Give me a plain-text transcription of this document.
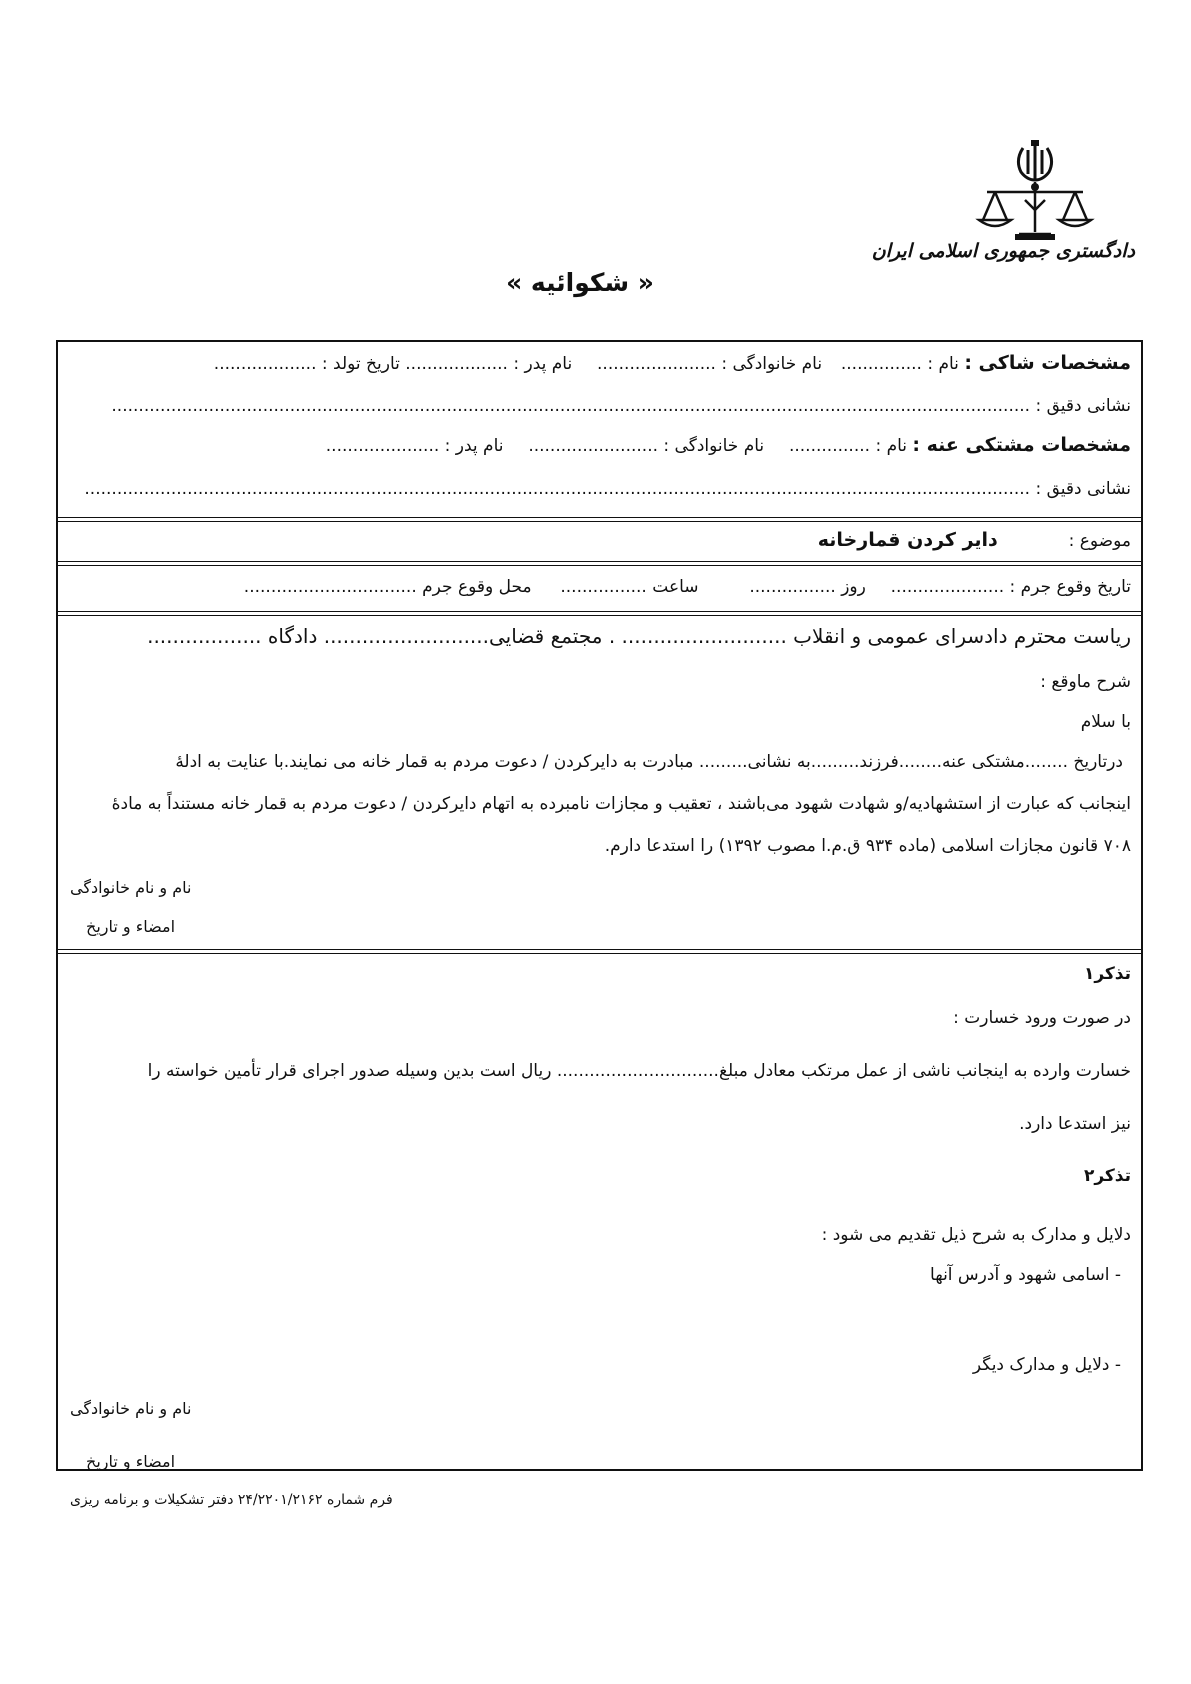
دادگستری جمهوری اسلامی ایران
« شکوائیه »
مشخصات شاکی : نام : ...............  نام خانوادگی : ......................  نام پدر : ................... تاریخ تولد : ...................
نشانی دقیق : ..........................................................................................................................................................................
مشخصات مشتکی عنه : نام : ...............  نام خانوادگی : ........................  نام پدر : .....................
نشانی دقیق : ...............................................................................................................................................................................
موضوع :  دایر کردن قمارخانه
تاریخ وقوع جرم : .....................  روز ................  ساعت ................  محل وقوع جرم ................................
ریاست محترم دادسرای عمومی و انقلاب .......................... . مجتمع قضایی.......................... دادگاه ..................
شرح ماوقع :
با سلام
درتاریخ ........مشتکی عنه........فرزند.........به نشانی......... مبادرت به دایرکردن / دعوت مردم به قمار خانه می نمایند.با عنایت به ادلهٔ
اینجانب که عبارت از استشهادیه/و شهادت شهود می‌باشند ، تعقیب و مجازات نامبرده به اتهام دایرکردن / دعوت مردم به قمار خانه مستنداً به مادهٔ
۷۰۸ قانون مجازات اسلامی (ماده ۹۳۴ ق.م.ا مصوب ۱۳۹۲) را استدعا دارم.
نام و نام خانوادگی
امضاء و تاریخ
تذکر۱
در صورت ورود خسارت :
خسارت وارده به اینجانب ناشی از عمل مرتکب معادل مبلغ.............................. ریال است بدین وسیله صدور اجرای قرار تأمین خواسته را
نیز استدعا دارد.
تذکر۲
دلایل و مدارک به شرح ذیل تقدیم می شود :
- اسامی شهود و آدرس آنها
- دلایل و مدارک دیگر
نام و نام خانوادگی
امضاء و تاریخ
فرم شماره ۲۴/۲۲۰۱/۲۱۶۲ دفتر تشکیلات و برنامه ریزی
